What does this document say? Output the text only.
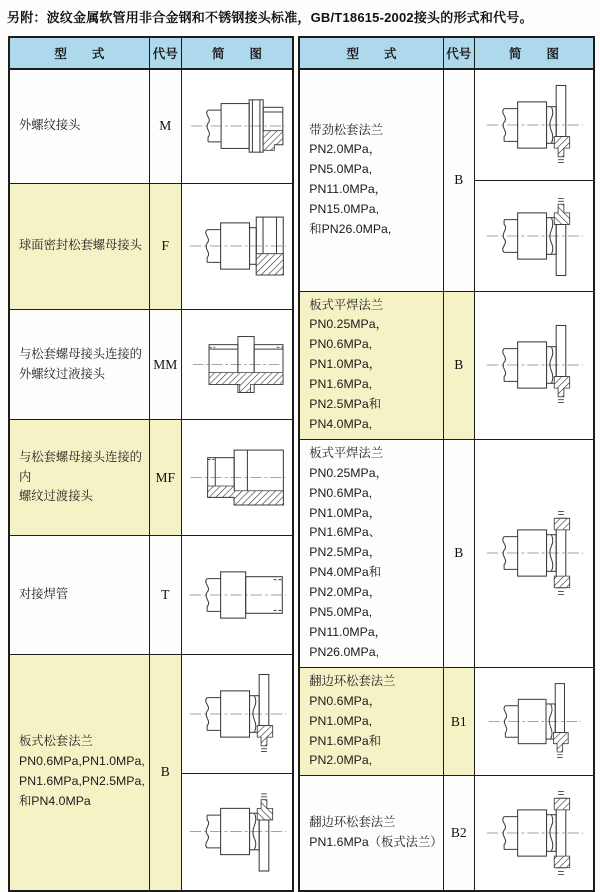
另附：波纹金属软管用非合金钢和不锈钢接头标准，GB/T18615-2002接头的形式和代号。
型　　式	代号	简　　图

外螺纹接头	M	

球面密封松套螺母接头	F	

与松套螺母接头连接的
外螺纹过液接头	MM	

与松套螺母接头连接的内
螺纹过渡接头	MF	

对接焊管	T	

板式松套法兰
PN0.6MPa,PN1.0MPa,
PN1.6MPa,PN2.5MPa,
和PN4.0MPa	B	

型　　式	代号	简　　图

带劲松套法兰
PN2.0MPa，PN5.0MPa,
PN11.0MPa，PN15.0MPa,
和PN26.0MPa,	B	

板式平焊法兰
PN0.25MPa，PN0.6MPa,
PN1.0MPa，PN1.6MPa,
PN2.5MPa和PN4.0MPa,	B	

板式平焊法兰
PN0.25MPa，PN0.6MPa,
PN1.0MPa，PN1.6MPa、
PN2.5MPa，PN4.0MPa和
PN2.0MPa，PN5.0MPa,
PN11.0MPa，PN26.0MPa,
	B	

翻边环松套法兰
PN0.6MPa，PN1.0MPa,
PN1.6MPa和PN2.0MPa,	B1	

翻边环松套法兰
PN1.6MPa（板式法兰）	B2	
